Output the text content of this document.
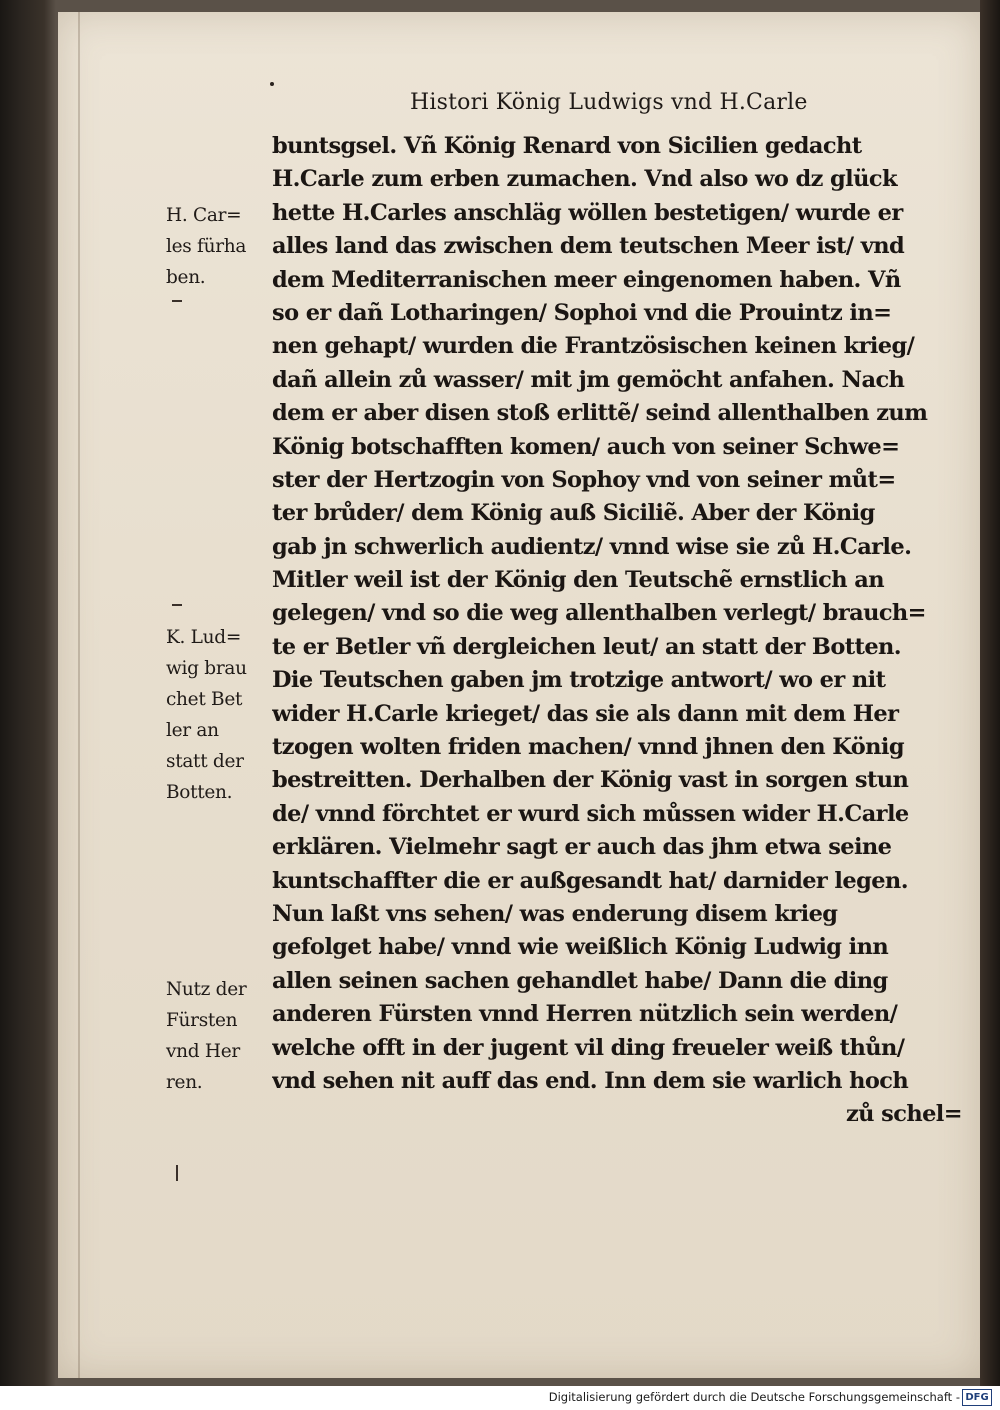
Histori König Ludwigs vnd H.Carle
buntsgsel. Vñ König Renard von Sicilien gedacht
H.Carle zum erben zumachen. Vnd also wo dz glück
hette H.Carles anschläg wöllen bestetigen/ wurde er
alles land das zwischen dem teutschen Meer ist/ vnd
dem Mediterranischen meer eingenomen haben. Vñ
so er dañ Lotharingen/ Sophoi vnd die Prouintz in=
nen gehapt/ wurden die Frantzösischen keinen krieg/
dañ allein zů wasser/ mit jm gemöcht anfahen. Nach
dem er aber disen stoß erlittẽ/ seind allenthalben zum
König botschafften komen/ auch von seiner Schwe=
ster der Hertzogin von Sophoy vnd von seiner můt=
ter brůder/ dem König auß Siciliẽ. Aber der König
gab jn schwerlich audientz/ vnnd wise sie zů H.Carle.
Mitler weil ist der König den Teutschẽ ernstlich an
gelegen/ vnd so die weg allenthalben verlegt/ brauch=
te er Betler vñ dergleichen leut/ an statt der Botten.
Die Teutschen gaben jm trotzige antwort/ wo er nit
wider H.Carle krieget/ das sie als dann mit dem Her
tzogen wolten friden machen/ vnnd jhnen den König
bestreitten. Derhalben der König vast in sorgen stun
de/ vnnd förchtet er wurd sich můssen wider H.Carle
erklären. Vielmehr sagt er auch das jhm etwa seine
kuntschaffter die er außgesandt hat/ darnider legen.
Nun laßt vns sehen/ was enderung disem krieg
gefolget habe/ vnnd wie weißlich König Ludwig inn
allen seinen sachen gehandlet habe/ Dann die ding
anderen Fürsten vnnd Herren nützlich sein werden/
welche offt in der jugent vil ding freueler weiß thůn/
vnd sehen nit auff das end. Inn dem sie warlich hoch
zů schel=
H. Car=
les fürha
ben.
K. Lud=
wig brau
chet Bet
ler an
statt der
Botten.
Nutz der
Fürsten
vnd Her
ren.
Digitalisierung gefördert durch die Deutsche Forschungsgemeinschaft - DFG
